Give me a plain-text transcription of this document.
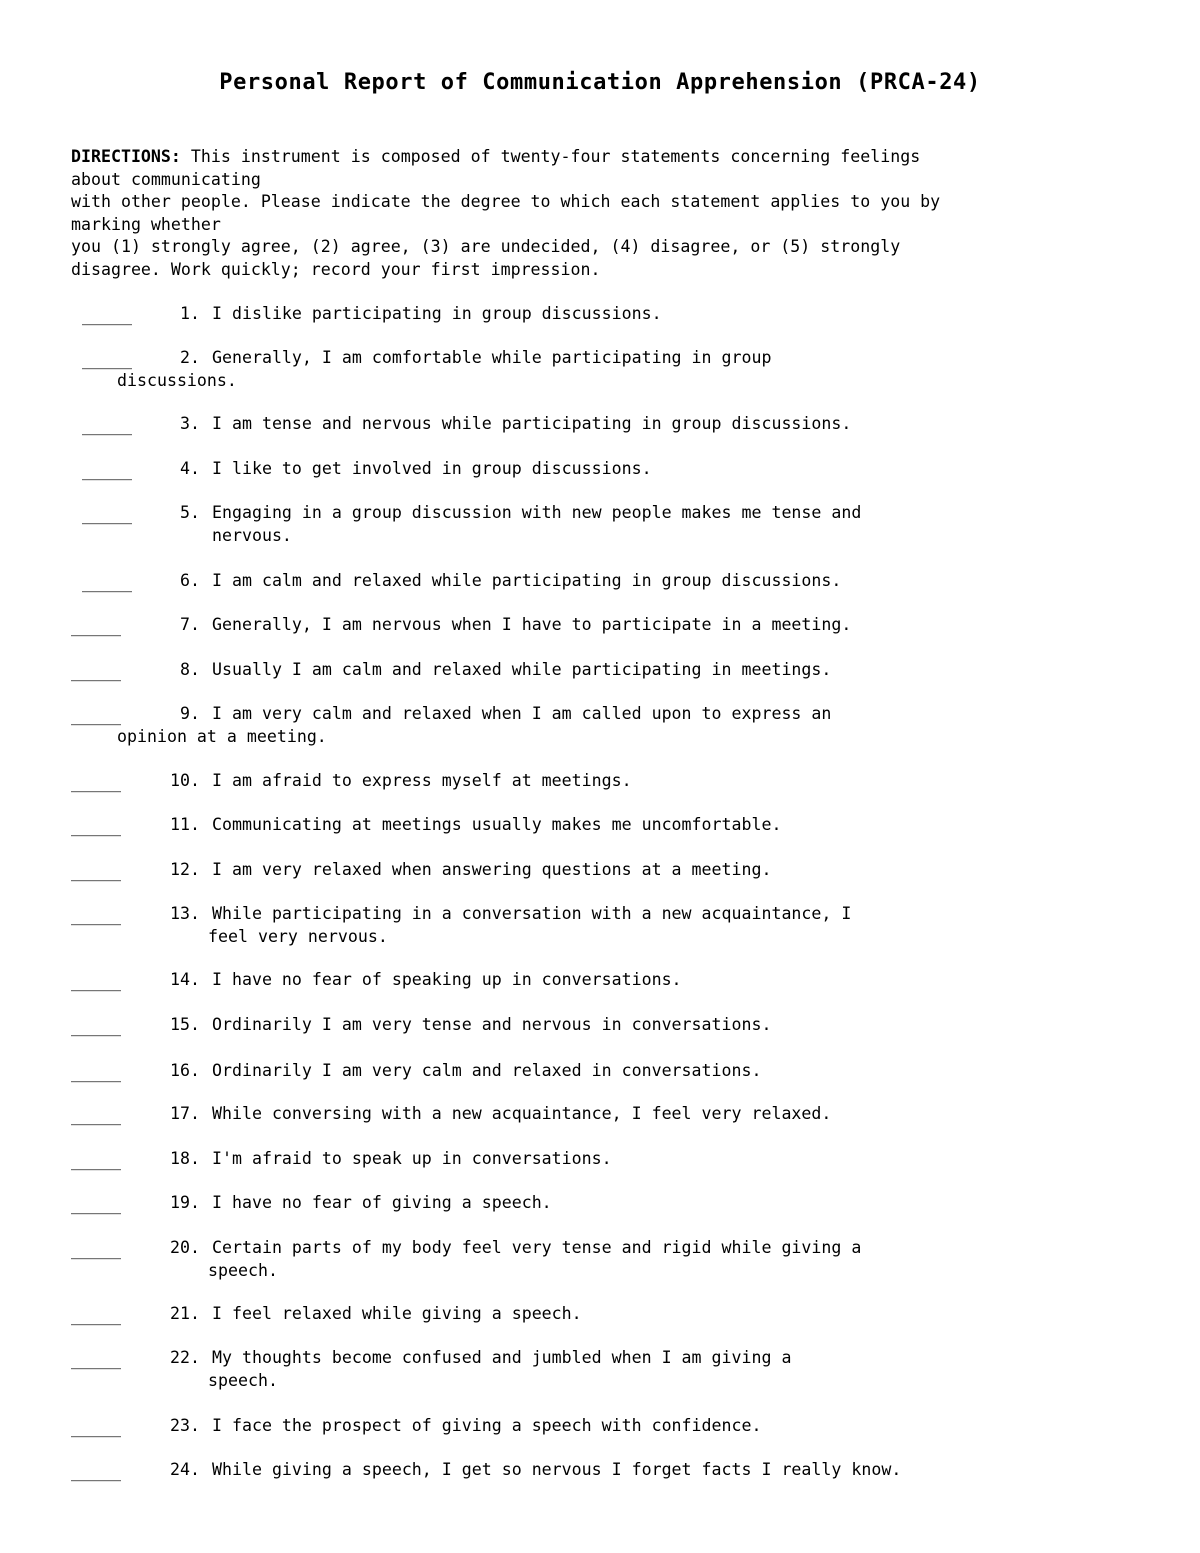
Personal Report of Communication Apprehension (PRCA-24)
DIRECTIONS: This instrument is composed of twenty-four statements concerning feelings
about communicating
with other people. Please indicate the degree to which each statement applies to you by
marking whether
you (1) strongly agree, (2) agree, (3) are undecided, (4) disagree, or (5) strongly
disagree. Work quickly; record your first impression.
_____	1. I dislike participating in group discussions.
_____	2. Generally, I am comfortable while participating in group
discussions.
_____	3. I am tense and nervous while participating in group discussions.
_____	4. I like to get involved in group discussions.
_____	5. Engaging in a group discussion with new people makes me tense and
nervous.
_____	6. I am calm and relaxed while participating in group discussions.
_____	7. Generally, I am nervous when I have to participate in a meeting.
_____	8. Usually I am calm and relaxed while participating in meetings.
_____	9. I am very calm and relaxed when I am called upon to express an
opinion at a meeting.
_____	10. I am afraid to express myself at meetings.
_____	11. Communicating at meetings usually makes me uncomfortable.
_____	12. I am very relaxed when answering questions at a meeting.
_____	13. While participating in a conversation with a new acquaintance, I
feel very nervous.
_____	14. I have no fear of speaking up in conversations.
_____	15. Ordinarily I am very tense and nervous in conversations.
_____	16. Ordinarily I am very calm and relaxed in conversations.
_____	17. While conversing with a new acquaintance, I feel very relaxed.
_____	18. I'm afraid to speak up in conversations.
_____	19. I have no fear of giving a speech.
_____	20. Certain parts of my body feel very tense and rigid while giving a
speech.
_____	21. I feel relaxed while giving a speech.
_____	22. My thoughts become confused and jumbled when I am giving a
speech.
_____	23. I face the prospect of giving a speech with confidence.
_____	24. While giving a speech, I get so nervous I forget facts I really know.
